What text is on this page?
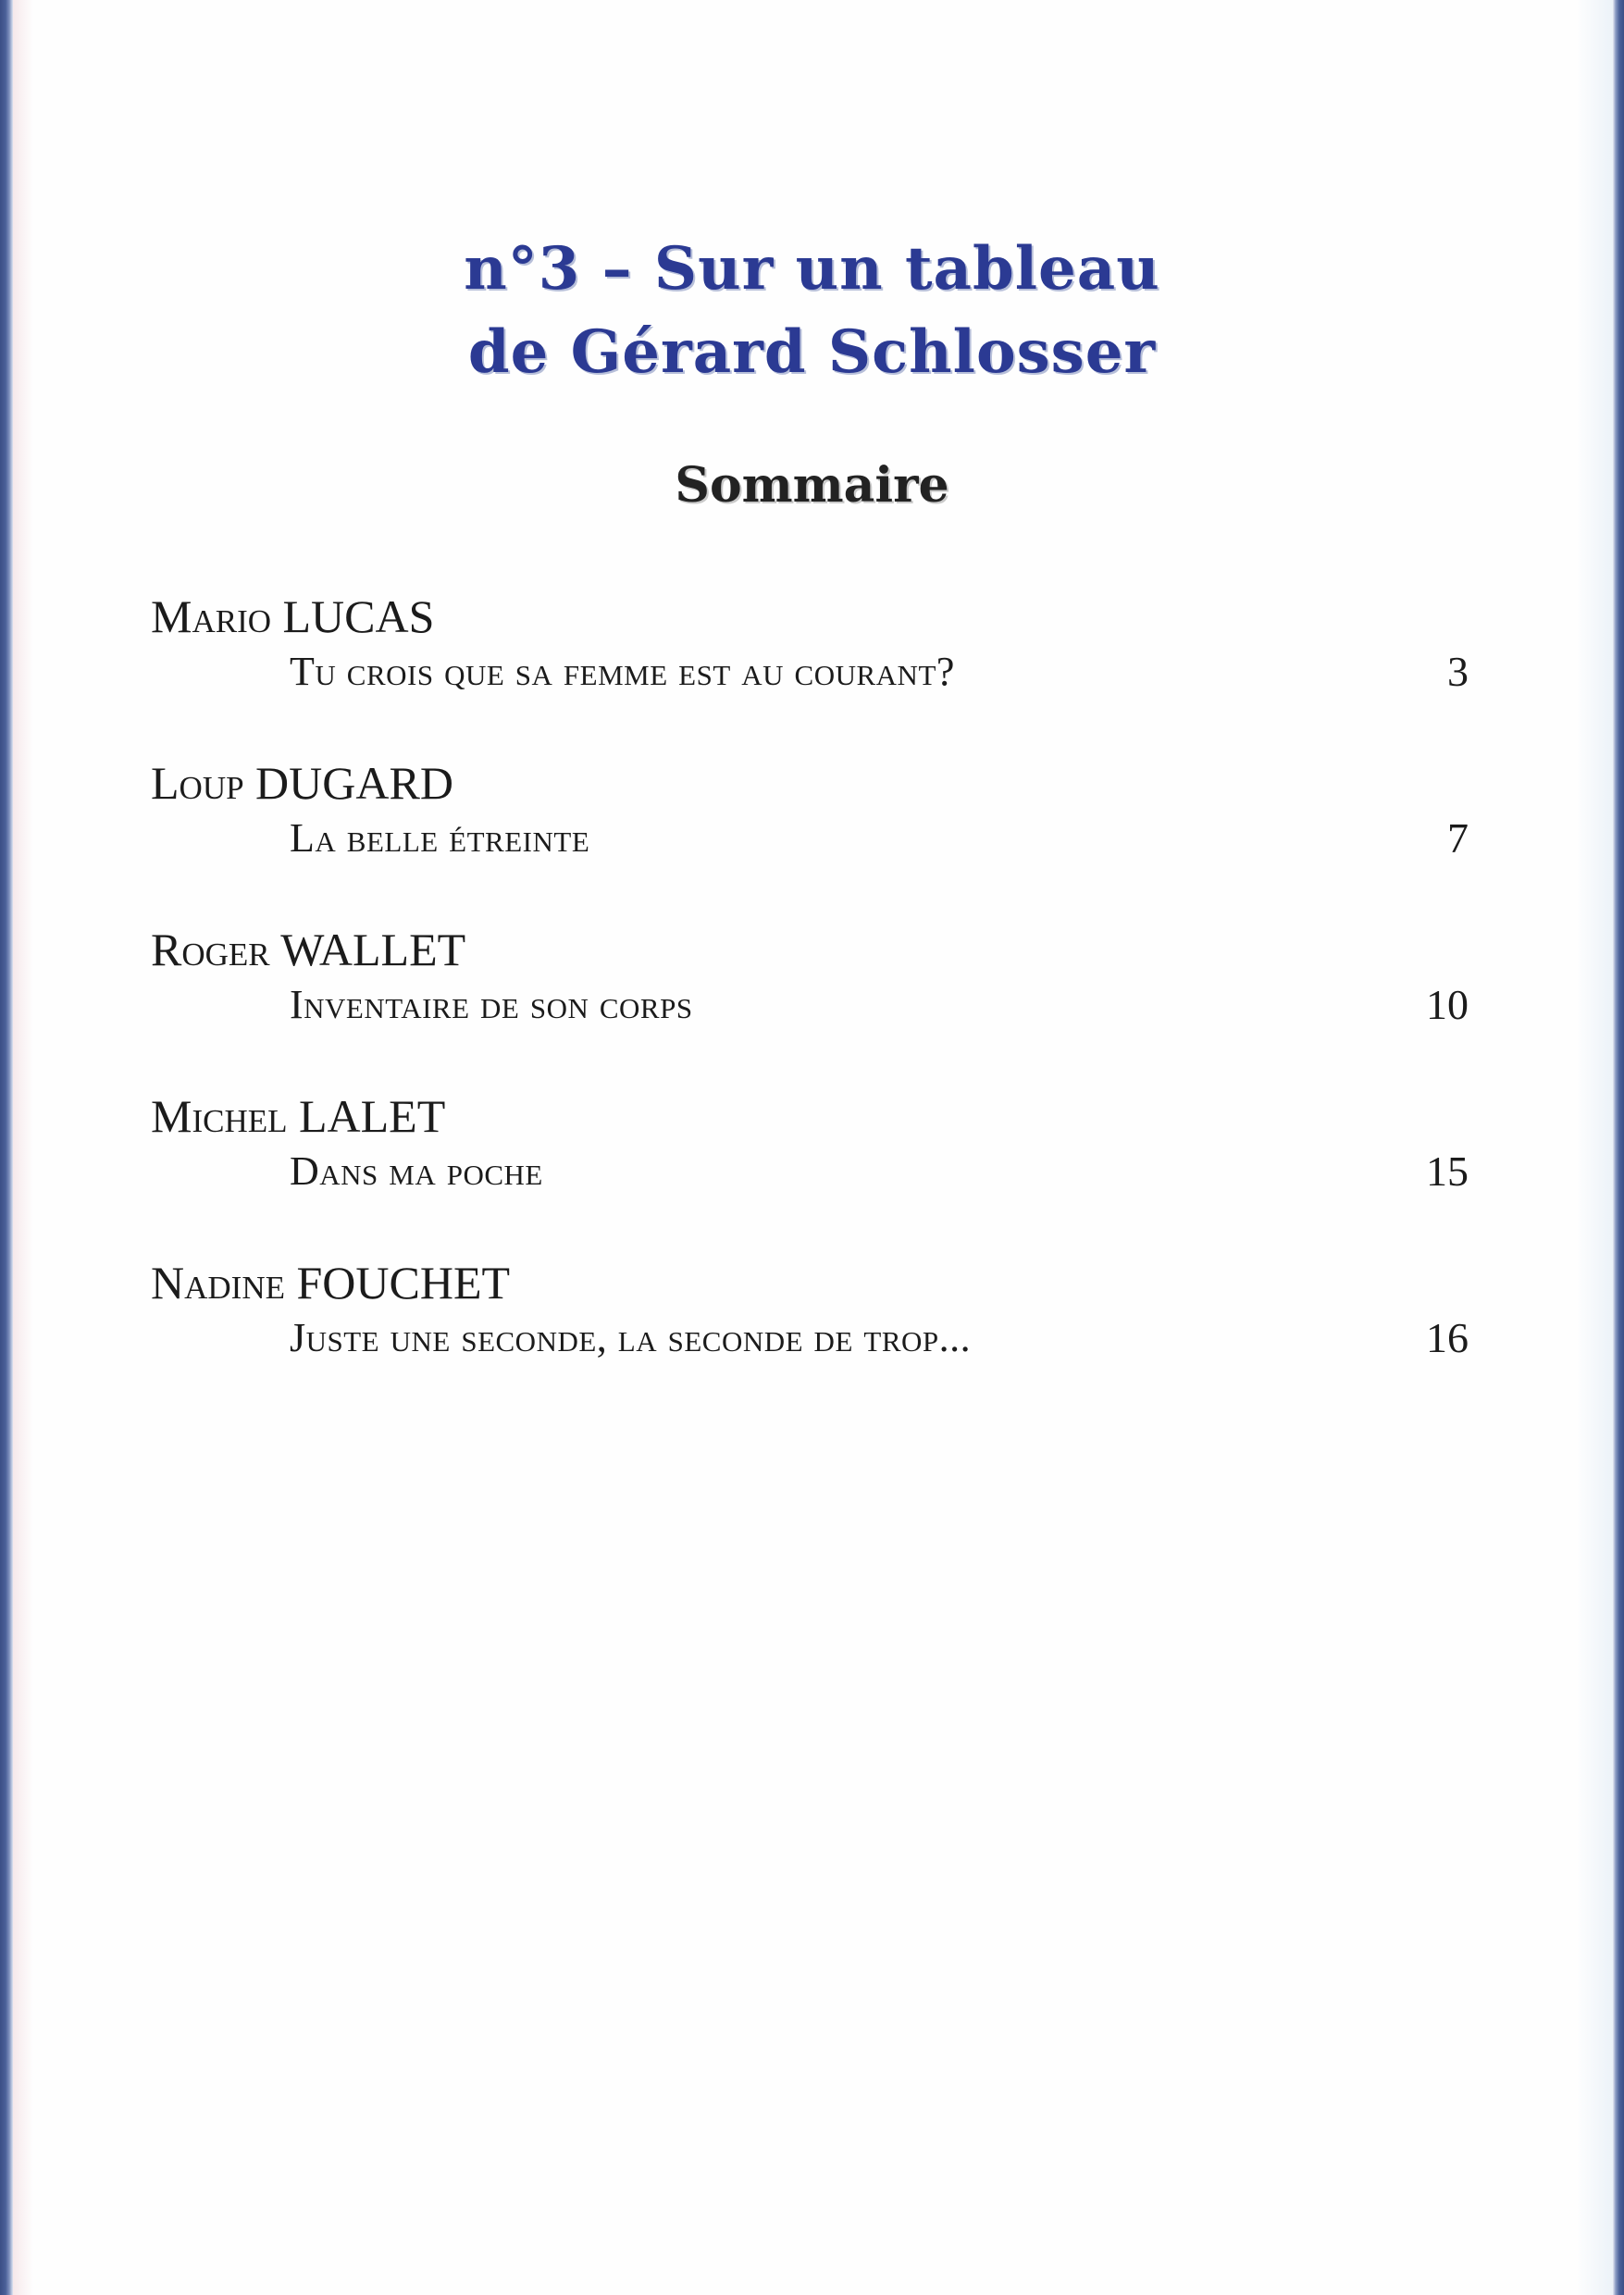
n°3 – Sur un tableau
de Gérard Schlosser
Sommaire
Mario LUCAS
Tu crois que sa femme est au courant?	3
Loup DUGARD
La belle étreinte	7
Roger WALLET
Inventaire de son corps	10
Michel LALET
Dans ma poche	15
Nadine FOUCHET
Juste une seconde, la seconde de trop...	16
